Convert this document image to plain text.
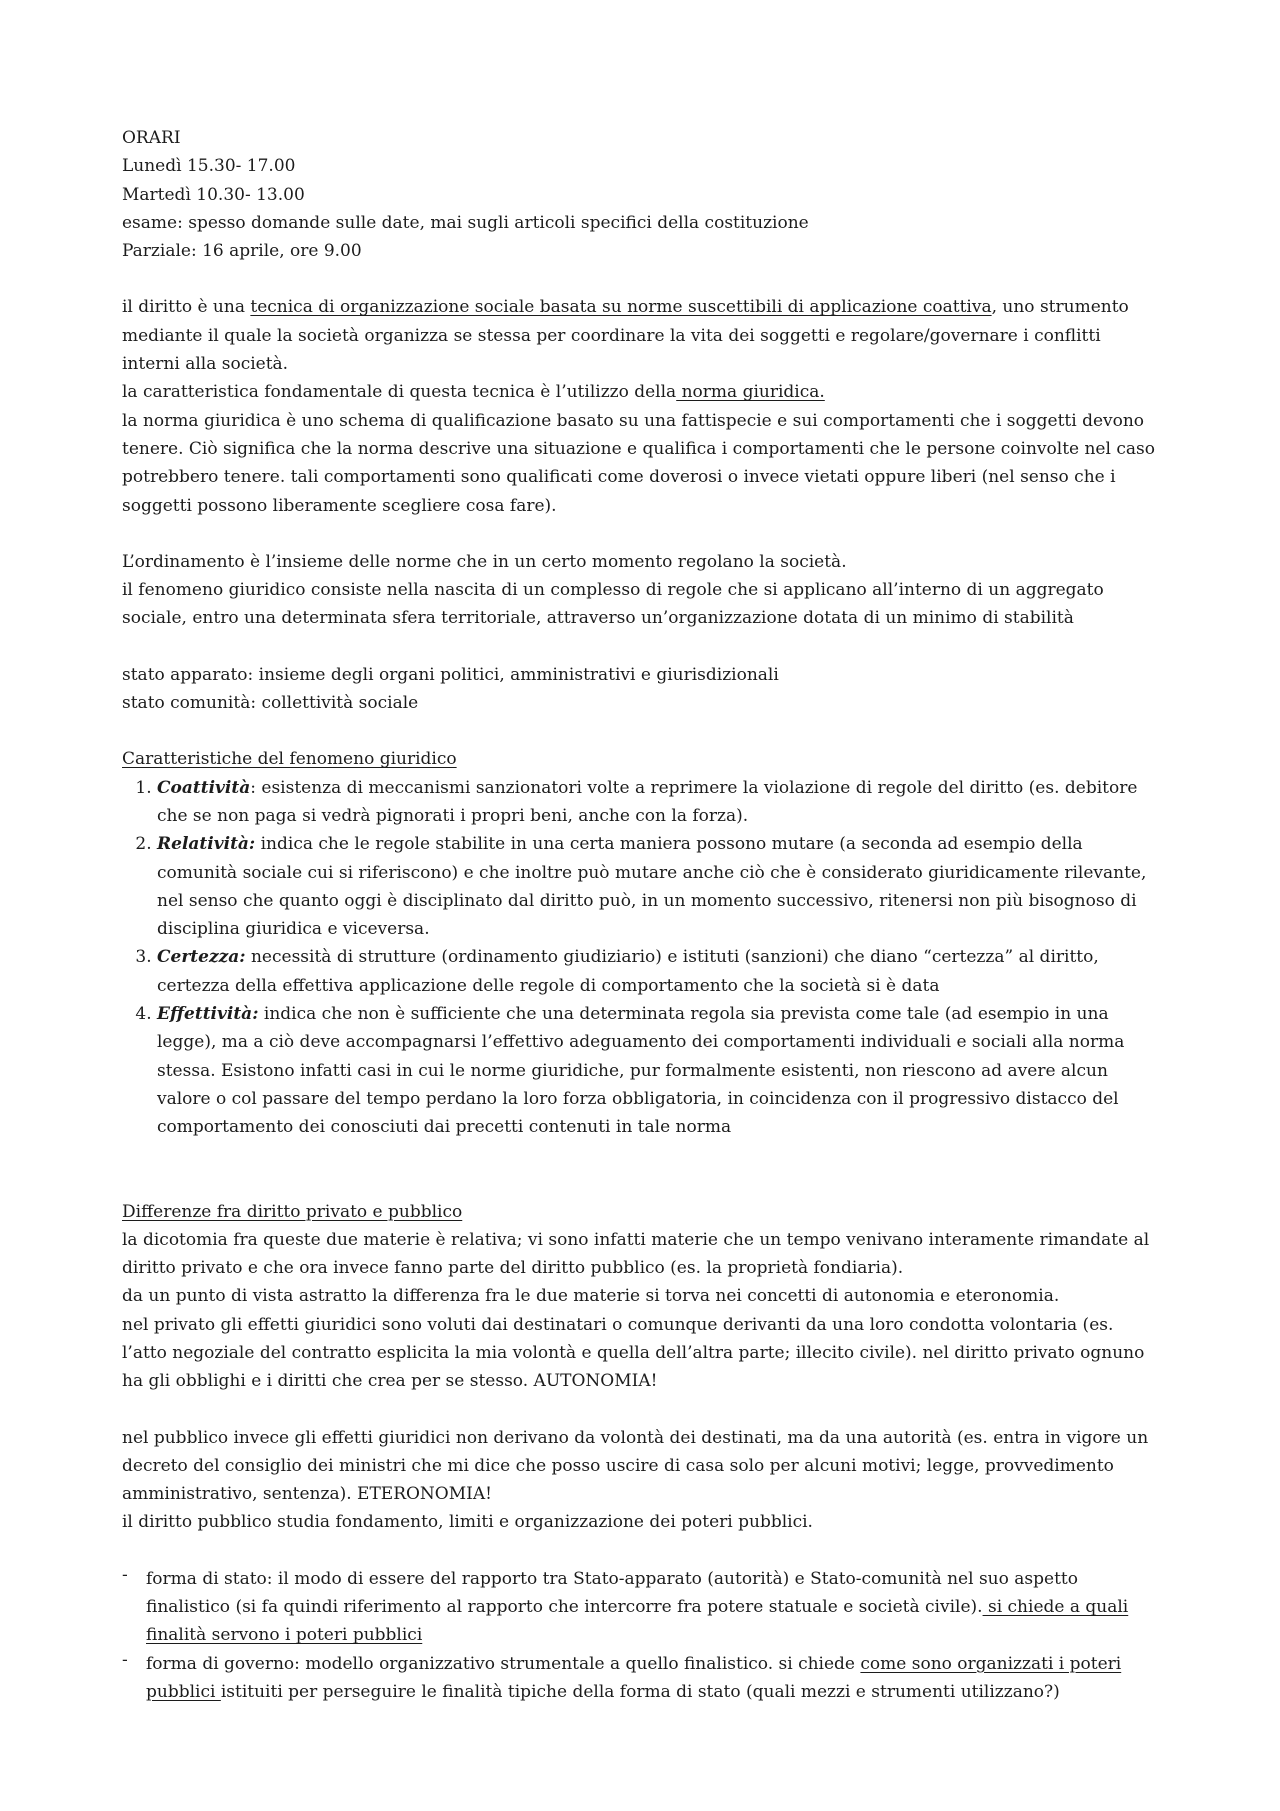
ORARI

Lunedì 15.30- 17.00

Martedì 10.30- 13.00

esame: spesso domande sulle date, mai sugli articoli specifici della costituzione

Parziale: 16 aprile, ore 9.00

il diritto è una tecnica di organizzazione sociale basata su norme suscettibili di applicazione coattiva, uno strumento mediante il quale la società organizza se stessa per coordinare la vita dei soggetti e regolare/governare i conflitti interni alla società.

la caratteristica fondamentale di questa tecnica è l’utilizzo della norma giuridica.

la norma giuridica è uno schema di qualificazione basato su una fattispecie e sui comportamenti che i soggetti devono tenere. Ciò significa che la norma descrive una situazione e qualifica i comportamenti che le persone coinvolte nel caso potrebbero tenere. tali comportamenti sono qualificati come doverosi o invece vietati oppure liberi (nel senso che i soggetti possono liberamente scegliere cosa fare).

L’ordinamento è l’insieme delle norme che in un certo momento regolano la società.

il fenomeno giuridico consiste nella nascita di un complesso di regole che si applicano all’interno di un aggregato sociale, entro una determinata sfera territoriale, attraverso un’organizzazione dotata di un minimo di stabilità

stato apparato: insieme degli organi politici, amministrativi e giurisdizionali

stato comunità: collettività sociale

Caratteristiche del fenomeno giuridico

1. Coattività: esistenza di meccanismi sanzionatori volte a reprimere la violazione di regole del diritto (es. debitore che se non paga si vedrà pignorati i propri beni, anche con la forza).
2. Relatività: indica che le regole stabilite in una certa maniera possono mutare (a seconda ad esempio della comunità sociale cui si riferiscono) e che inoltre può mutare anche ciò che è considerato giuridicamente rilevante, nel senso che quanto oggi è disciplinato dal diritto può, in un momento successivo, ritenersi non più bisognoso di disciplina giuridica e viceversa.
3. Certezza: necessità di strutture (ordinamento giudiziario) e istituti (sanzioni) che diano “certezza” al diritto, certezza della effettiva applicazione delle regole di comportamento che la società si è data
4. Effettività: indica che non è sufficiente che una determinata regola sia prevista come tale (ad esempio in una legge), ma a ciò deve accompagnarsi l’effettivo adeguamento dei comportamenti individuali e sociali alla norma stessa. Esistono infatti casi in cui le norme giuridiche, pur formalmente esistenti, non riescono ad avere alcun valore o col passare del tempo perdano la loro forza obbligatoria, in coincidenza con il progressivo distacco del comportamento dei conosciuti dai precetti contenuti in tale norma

Differenze fra diritto privato e pubblico

la dicotomia fra queste due materie è relativa; vi sono infatti materie che un tempo venivano interamente rimandate al diritto privato e che ora invece fanno parte del diritto pubblico (es. la proprietà fondiaria).

da un punto di vista astratto la differenza fra le due materie si torva nei concetti di autonomia e eteronomia.

nel privato gli effetti giuridici sono voluti dai destinatari o comunque derivanti da una loro condotta volontaria (es. l’atto negoziale del contratto esplicita la mia volontà e quella dell’altra parte; illecito civile). nel diritto privato ognuno ha gli obblighi e i diritti che crea per se stesso. AUTONOMIA!

nel pubblico invece gli effetti giuridici non derivano da volontà dei destinati, ma da una autorità (es. entra in vigore un decreto del consiglio dei ministri che mi dice che posso uscire di casa solo per alcuni motivi; legge, provvedimento amministrativo, sentenza). ETERONOMIA!

il diritto pubblico studia fondamento, limiti e organizzazione dei poteri pubblici.

- forma di stato: il modo di essere del rapporto tra Stato-apparato (autorità) e Stato-comunità nel suo aspetto finalistico (si fa quindi riferimento al rapporto che intercorre fra potere statuale e società civile). si chiede a quali finalità servono i poteri pubblici
- forma di governo: modello organizzativo strumentale a quello finalistico. si chiede come sono organizzati i poteri pubblici istituiti per perseguire le finalità tipiche della forma di stato (quali mezzi e strumenti utilizzano?)
